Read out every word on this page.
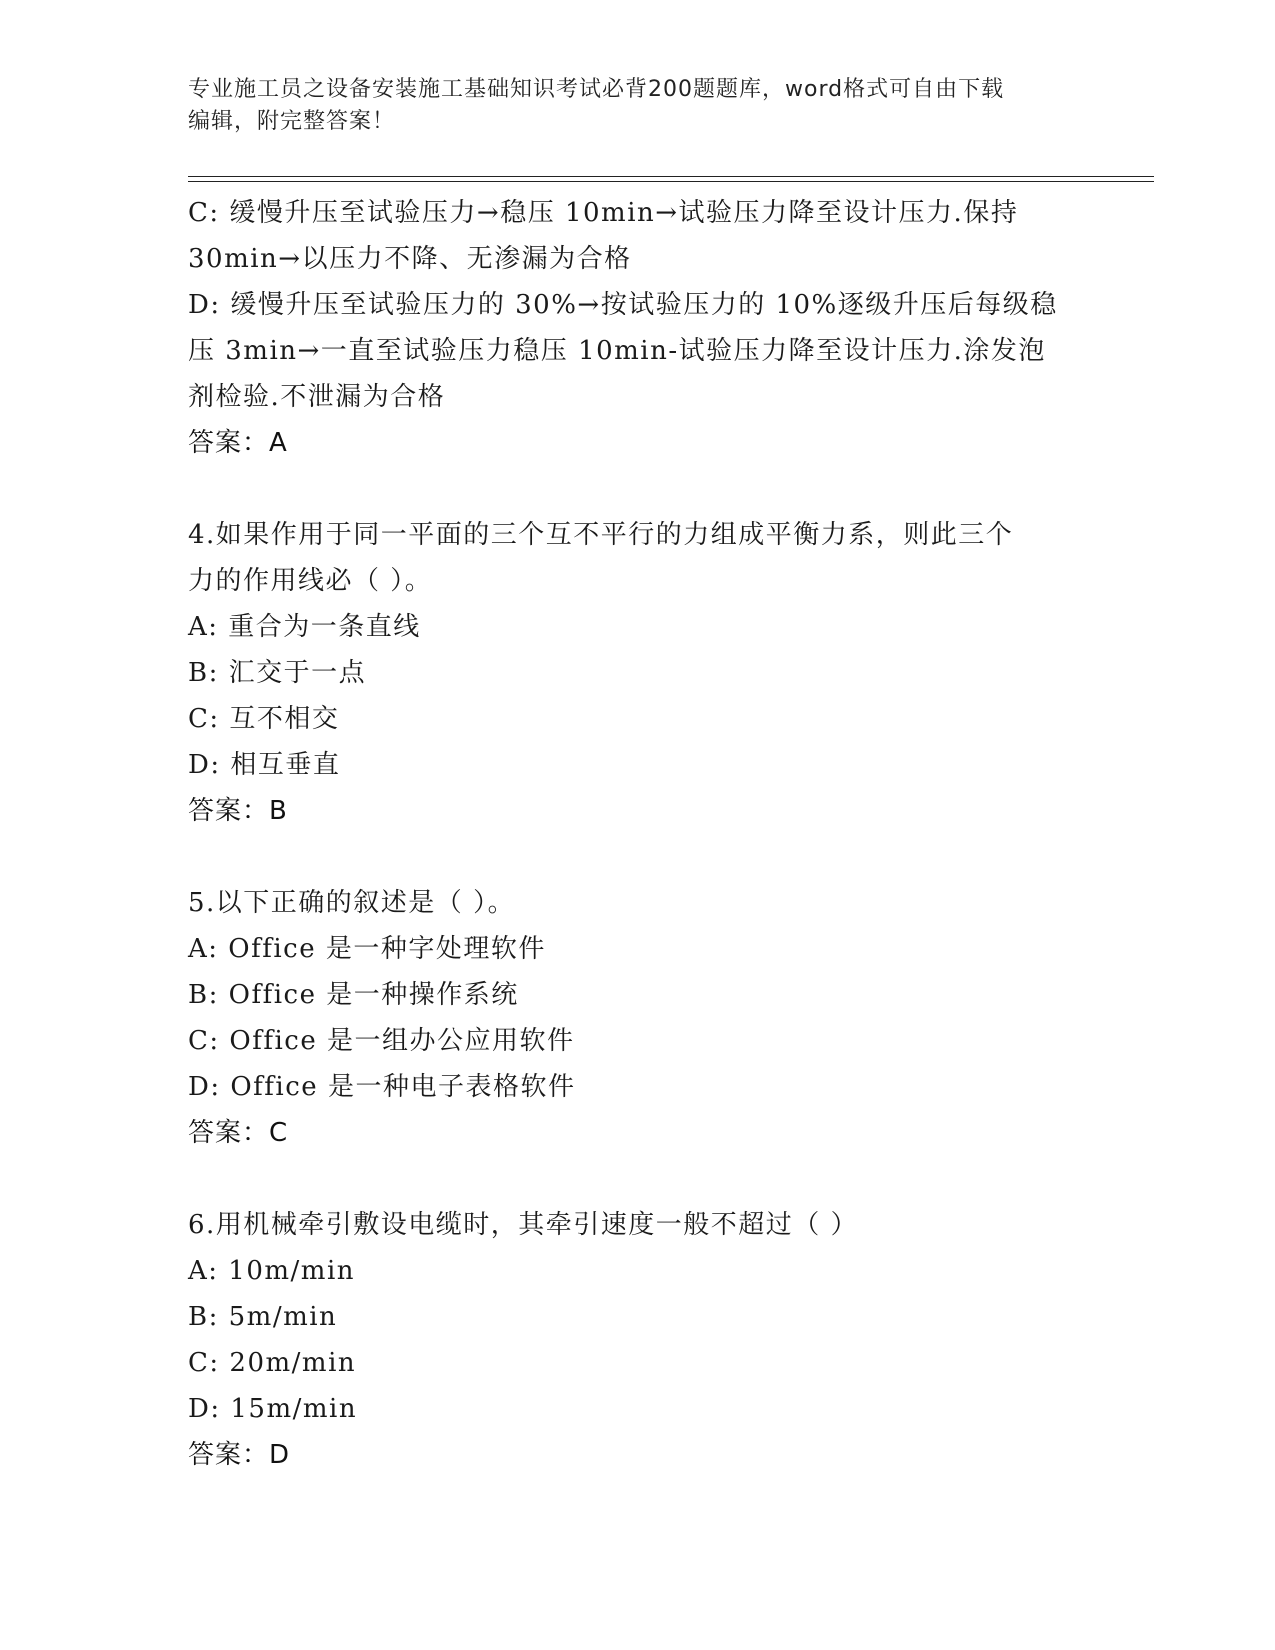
专业施工员之设备安装施工基础知识考试必背200题题库，word格式可自由下载
编辑，附完整答案！
C: 缓慢升压至试验压力→稳压 10min→试验压力降至设计压力.保持
30min→以压力不降、无渗漏为合格
D: 缓慢升压至试验压力的 30%→按试验压力的 10%逐级升压后每级稳
压 3min→一直至试验压力稳压 10min-试验压力降至设计压力.涂发泡
剂检验.不泄漏为合格
答案：A
4.如果作用于同一平面的三个互不平行的力组成平衡力系，则此三个
力的作用线必（ ）。
A: 重合为一条直线
B: 汇交于一点
C: 互不相交
D: 相互垂直
答案：B
5.以下正确的叙述是（ ）。
A: Office 是一种字处理软件
B: Office 是一种操作系统
C: Office 是一组办公应用软件
D: Office 是一种电子表格软件
答案：C
6.用机械牵引敷设电缆时，其牵引速度一般不超过（ ）
A: 10m/min
B: 5m/min
C: 20m/min
D: 15m/min
答案：D
